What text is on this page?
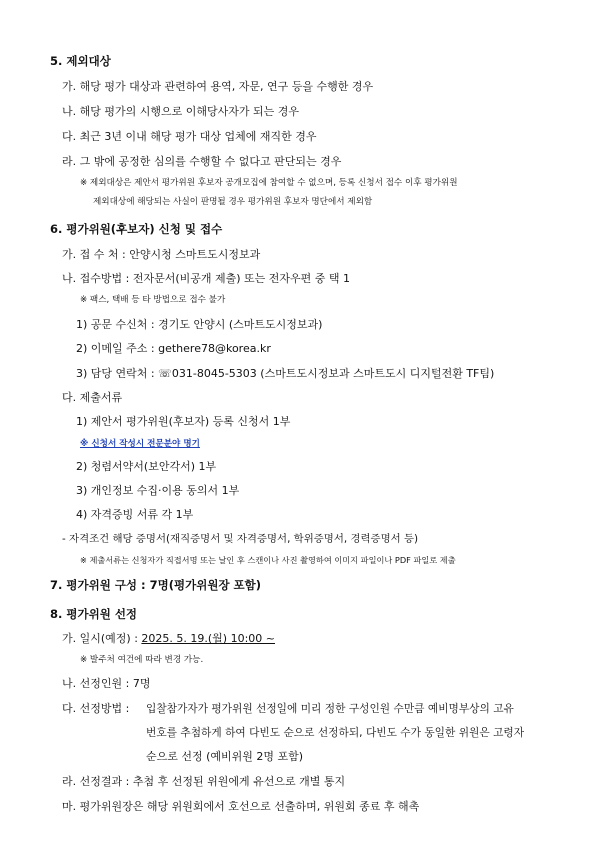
5. 제외대상
가. 해당 평가 대상과 관련하여 용역, 자문, 연구 등을 수행한 경우
나. 해당 평가의 시행으로 이해당사자가 되는 경우
다. 최근 3년 이내 해당 평가 대상 업체에 재직한 경우
라. 그 밖에 공정한 심의를 수행할 수 없다고 판단되는 경우
※ 제외대상은 제안서 평가위원 후보자 공개모집에 참여할 수 없으며, 등록 신청서 접수 이후 평가위원
제외대상에 해당되는 사실이 판명될 경우 평가위원 후보자 명단에서 제외함
6. 평가위원(후보자) 신청 및 접수
가. 접 수 처 : 안양시청 스마트도시정보과
나. 접수방법 : 전자문서(비공개 제출) 또는 전자우편 중 택 1
※ 팩스, 택배 등 타 방법으로 접수 불가
1) 공문 수신처 : 경기도 안양시 (스마트도시정보과)
2) 이메일 주소 : gethere78@korea.kr
3) 담당 연락처 : ☏031-8045-5303 (스마트도시정보과 스마트도시 디지털전환 TF팀)
다. 제출서류
1) 제안서 평가위원(후보자) 등록 신청서 1부
※ 신청서 작성시 전문분야 명기
2) 청렴서약서(보안각서) 1부
3) 개인정보 수집·이용 동의서 1부
4) 자격증빙 서류 각 1부
- 자격조건 해당 증명서(재직증명서 및 자격증명서, 학위증명서, 경력증명서 등)
※ 제출서류는 신청자가 직접서명 또는 날인 후 스캔이나 사진 촬영하여 이미지 파일이나 PDF 파일로 제출
7. 평가위원 구성 : 7명(평가위원장 포함)
8. 평가위원 선정
가. 일시(예정) : 2025. 5. 19.(월) 10:00 ~
※ 발주처 여건에 따라 변경 가능.
나. 선정인원 : 7명
다. 선정방법 : 입찰참가자가 평가위원 선정일에 미리 정한 구성인원 수만큼 예비명부상의 고유
번호를 추첨하게 하여 다빈도 순으로 선정하되, 다빈도 수가 동일한 위원은 고령자
순으로 선정 (예비위원 2명 포함)
라. 선정결과 : 추첨 후 선정된 위원에게 유선으로 개별 통지
마. 평가위원장은 해당 위원회에서 호선으로 선출하며, 위원회 종료 후 해촉
